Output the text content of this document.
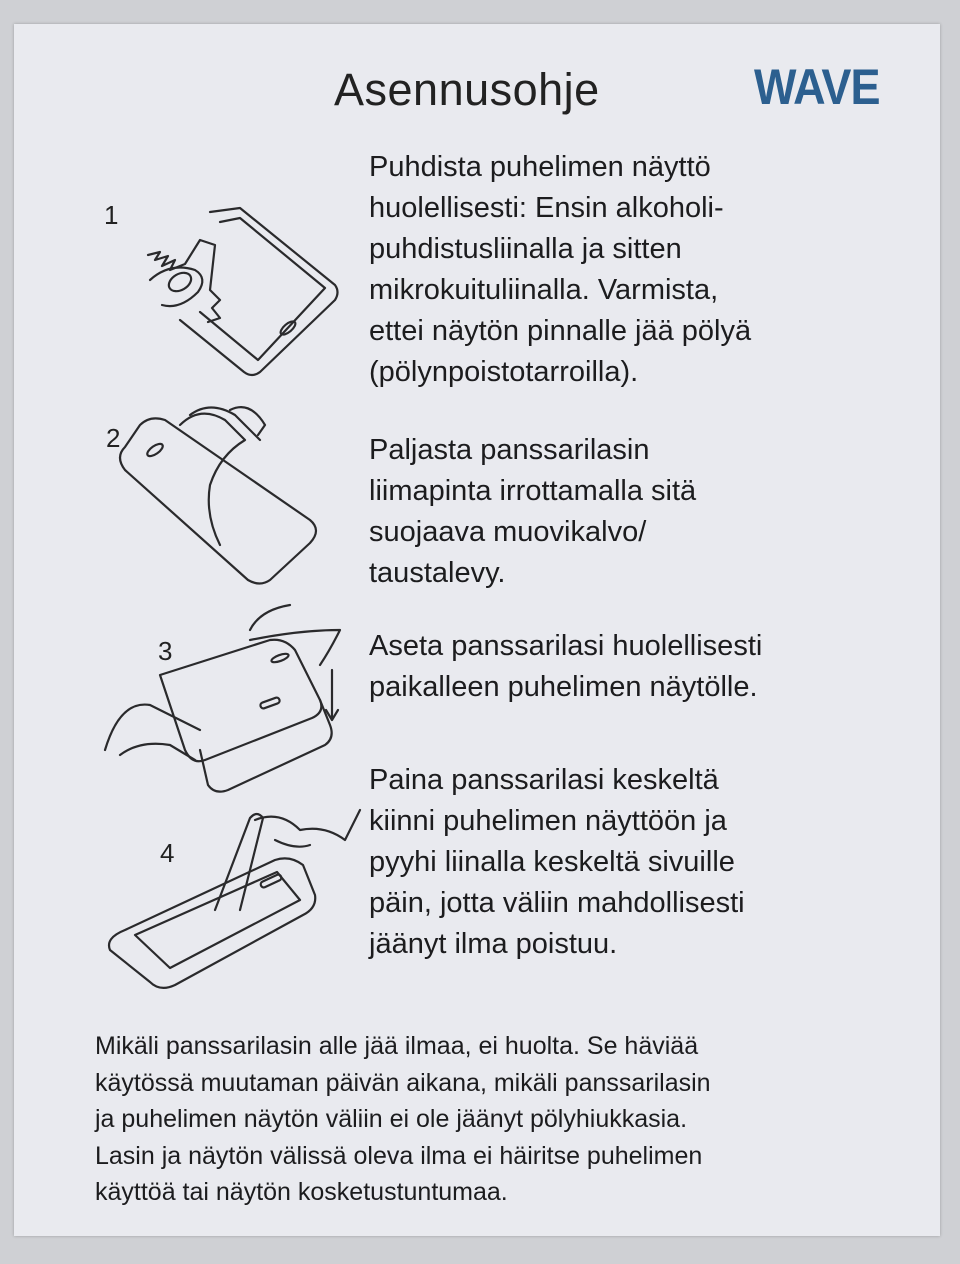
Asennusohje	WAVE
1
2
3
4
Puhdista puhelimen näyttö
huolellisesti: Ensin alkoholi-
puhdistusliinalla ja sitten
mikrokuituliinalla. Varmista,
ettei näytön pinnalle jää pölyä
(pölynpoistotarroilla).
Paljasta panssarilasin
liimapinta irrottamalla sitä
suojaava muovikalvo/
taustalevy.
Aseta panssarilasi huolellisesti
paikalleen puhelimen näytölle.
Paina panssarilasi keskeltä
kiinni puhelimen näyttöön ja
pyyhi liinalla keskeltä sivuille
päin, jotta väliin mahdollisesti
jäänyt ilma poistuu.
Mikäli panssarilasin alle jää ilmaa, ei huolta. Se häviää
käytössä muutaman päivän aikana, mikäli panssarilasin
ja puhelimen näytön väliin ei ole jäänyt pölyhiukkasia.
Lasin ja näytön välissä oleva ilma ei häiritse puhelimen
käyttöä tai näytön kosketustuntumaa.
